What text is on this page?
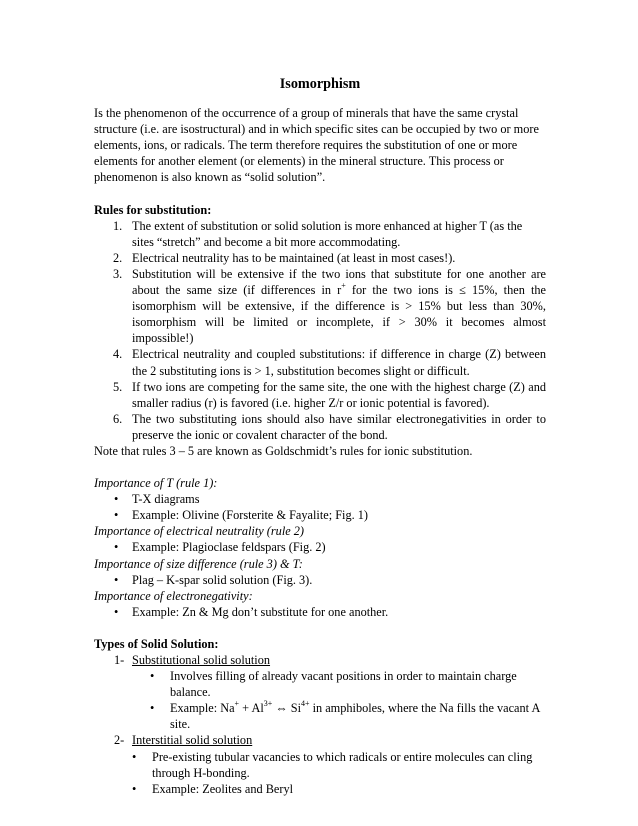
Isomorphism

Is the phenomenon of the occurrence of a group of minerals that have the same crystal structure (i.e. are isostructural) and in which specific sites can be occupied by two or more elements, ions, or radicals. The term therefore requires the substitution of one or more elements for another element (or elements) in the mineral structure. This process or phenomenon is also known as “solid solution”.

Rules for substitution:
1. The extent of substitution or solid solution is more enhanced at higher T (as the sites “stretch” and become a bit more accommodating.
2. Electrical neutrality has to be maintained (at least in most cases!).
3. Substitution will be extensive if the two ions that substitute for one another are about the same size (if differences in r+ for the two ions is ≤ 15%, then the isomorphism will be extensive, if the difference is > 15% but less than 30%, isomorphism will be limited or incomplete, if > 30% it becomes almost impossible!)
4. Electrical neutrality and coupled substitutions: if difference in charge (Z) between the 2 substituting ions is > 1, substitution becomes slight or difficult.
5. If two ions are competing for the same site, the one with the highest charge (Z) and smaller radius (r) is favored (i.e. higher Z/r or ionic potential is favored).
6. The two substituting ions should also have similar electronegativities in order to preserve the ionic or covalent character of the bond.

Note that rules 3 – 5 are known as Goldschmidt’s rules for ionic substitution.

Importance of T (rule 1):
• T-X diagrams
• Example: Olivine (Forsterite & Fayalite; Fig. 1)
Importance of electrical neutrality (rule 2)
• Example: Plagioclase feldspars (Fig. 2)
Importance of size difference (rule 3) & T:
• Plag – K-spar solid solution (Fig. 3).
Importance of electronegativity:
• Example: Zn & Mg don’t substitute for one another.
Types of Solid Solution:
1- Substitutional solid solution
• Involves filling of already vacant positions in order to maintain charge balance.
• Example: $Na^+ + Al^{3+}$ ⇔ $Si^{4+}$ in amphiboles, where the Na fills the vacant A site.
2- Interstitial solid solution
• Pre-existing tubular vacancies to which radicals or entire molecules can cling through H-bonding.
• Example: Zeolites and Beryl
